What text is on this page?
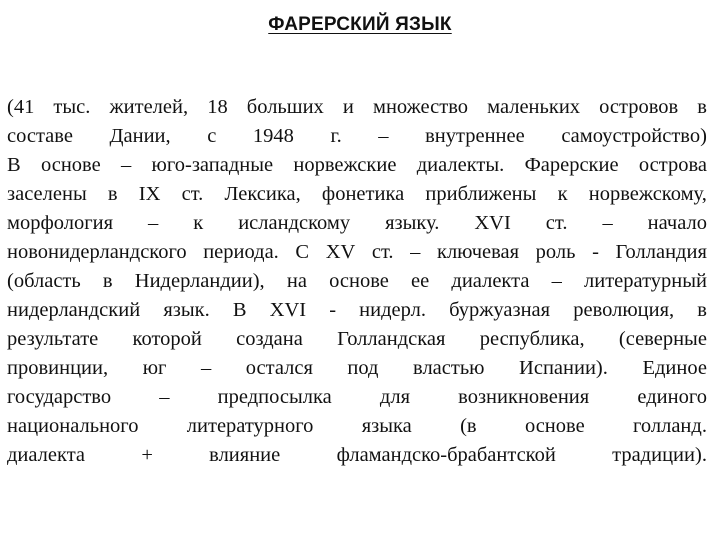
ФАРЕРСКИЙ ЯЗЫК
(41 тыс. жителей, 18 больших и множество маленьких островов в
составе Дании, с 1948 г. – внутреннее самоустройство)
В основе – юго-западные норвежские диалекты. Фарерские острова
заселены в IX ст. Лексика, фонетика приближены к норвежскому,
морфология – к исландскому языку. XVI ст. – начало
новонидерландского периода. С XV ст. – ключевая роль - Голландия
(область в Нидерландии), на основе ее диалекта – литературный
нидерландский язык. В XVI - нидерл. буржуазная революция, в
результате которой создана Голландская республика, (северные
провинции, юг – остался под властью Испании). Единое
государство – предпосылка для возникновения единого
национального литературного языка (в основе голланд.
диалекта	+	влияние	фламандско-брабантской	традиции).
